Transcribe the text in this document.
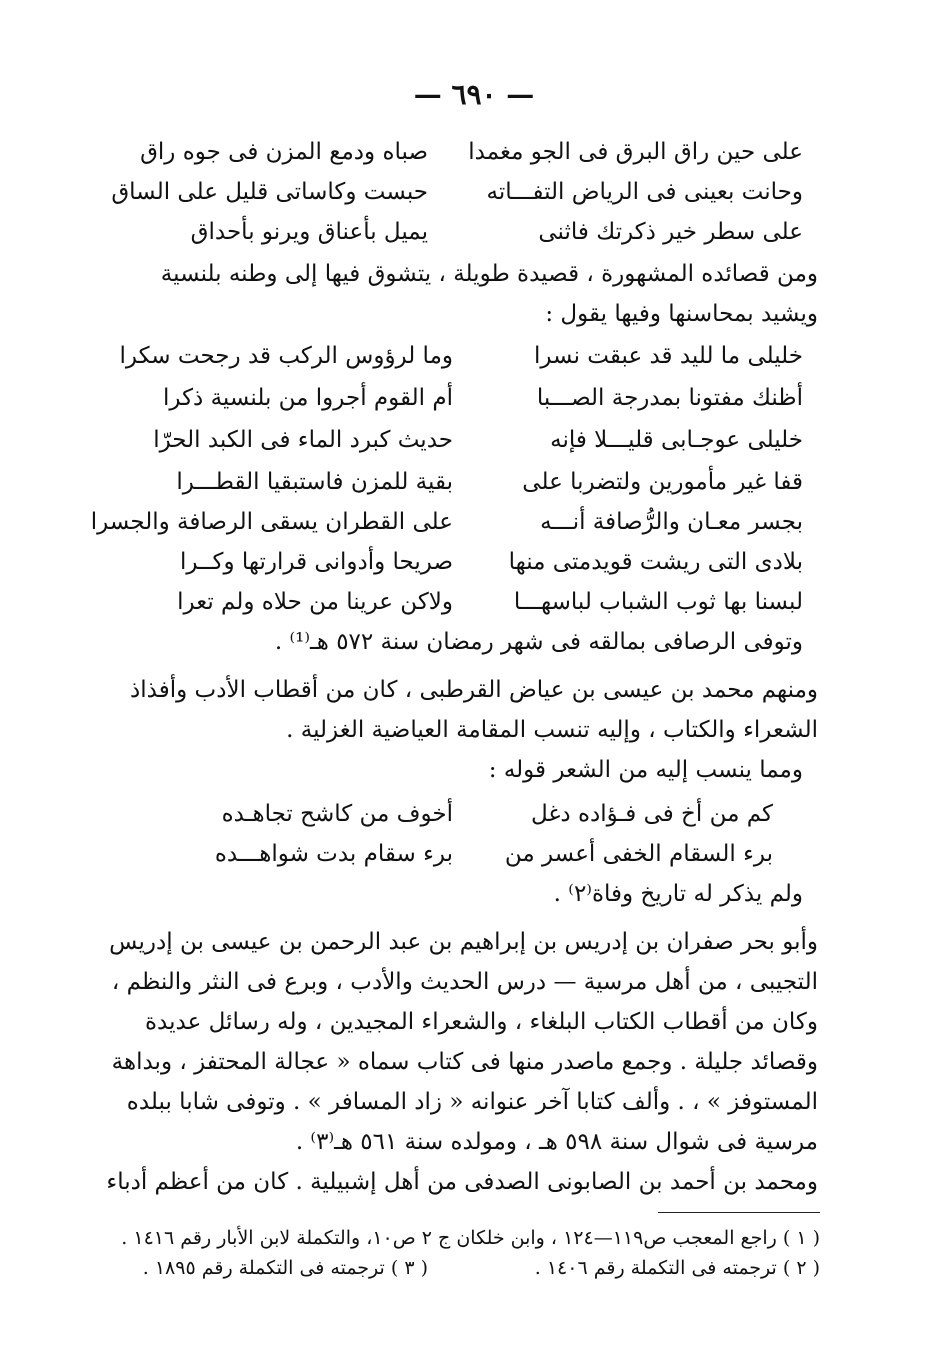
— ٦٩٠ —
على حين راق البرق فى الجو مغمدا
صباه ودمع المزن فى جوه راق
وحانت بعينى فى الرياض التفـــاته
حبست وكاساتى قليل على الساق
على سطر خير ذكرتك فاثنى
يميل بأعناق ويرنو بأحداق
ومن قصائده المشهورة ، قصيدة طويلة ، يتشوق فيها إلى وطنه بلنسية
ويشيد بمحاسنها وفيها يقول :
خليلى ما لليد قد عبقت نسرا
وما لرؤوس الركب قد رجحت سكرا
أظنك مفتونا بمدرجة الصـــبا
أم القوم أجروا من بلنسية ذكرا
خليلى عوجـابى قليـــلا فإنه
حديث كبرد الماء فى الكبد الحرّا
قفا غير مأمورين ولتضربا على
بقية للمزن فاستبقيا القطـــرا
بجسر معـان والرُّصافة أنـــه
على القطران يسقى الرصافة والجسرا
بلادى التى ريشت قويدمتى منها
صريحا وأدوانى قرارتها وكــرا
لبسنا بها ثوب الشباب لباسهـــا
ولاكن عرينا من حلاه ولم تعرا
وتوفى الرصافى بمالقه فى شهر رمضان سنة ٥٧٢ هـ⁽¹⁾ .
ومنهم محمد بن عيسى بن عياض القرطبى ، كان من أقطاب الأدب وأفذاذ
الشعراء والكتاب ، وإليه تنسب المقامة العياضية الغزلية .
ومما ينسب إليه من الشعر قوله :
كم من أخ فى فـؤاده دغل
أخوف من كاشح تجاهـده
برء السقام الخفى أعسر من
برء سقام بدت شواهـــده
ولم يذكر له تاريخ وفاة⁽٢⁾ .
وأبو بحر صفران بن إدريس بن إبراهيم بن عبد الرحمن بن عيسى بن إدريس
التجيبى ، من أهل مرسية — درس الحديث والأدب ، وبرع فى النثر والنظم ،
وكان من أقطاب الكتاب البلغاء ، والشعراء المجيدين ، وله رسائل عديدة
وقصائد جليلة . وجمع ماصدر منها فى كتاب سماه « عجالة المحتفز ، وبداهة
المستوفز » ، . وألف كتابا آخر عنوانه « زاد المسافر » . وتوفى شابا ببلده
مرسية فى شوال سنة ٥٩٨ هـ ، ومولده سنة ٥٦١ هـ⁽٣⁾ .
ومحمد بن أحمد بن الصابونى الصدفى من أهل إشبيلية . كان من أعظم أدباء
( ١ ) راجع المعجب ص١١٩—١٢٤ ، وابن خلكان ج ٢ ص١٠، والتكملة لابن الأبار رقم ١٤١٦ .
( ٢ ) ترجمته فى التكملة رقم ١٤٠٦ .
( ٣ ) ترجمته فى التكملة رقم ١٨٩٥ .
